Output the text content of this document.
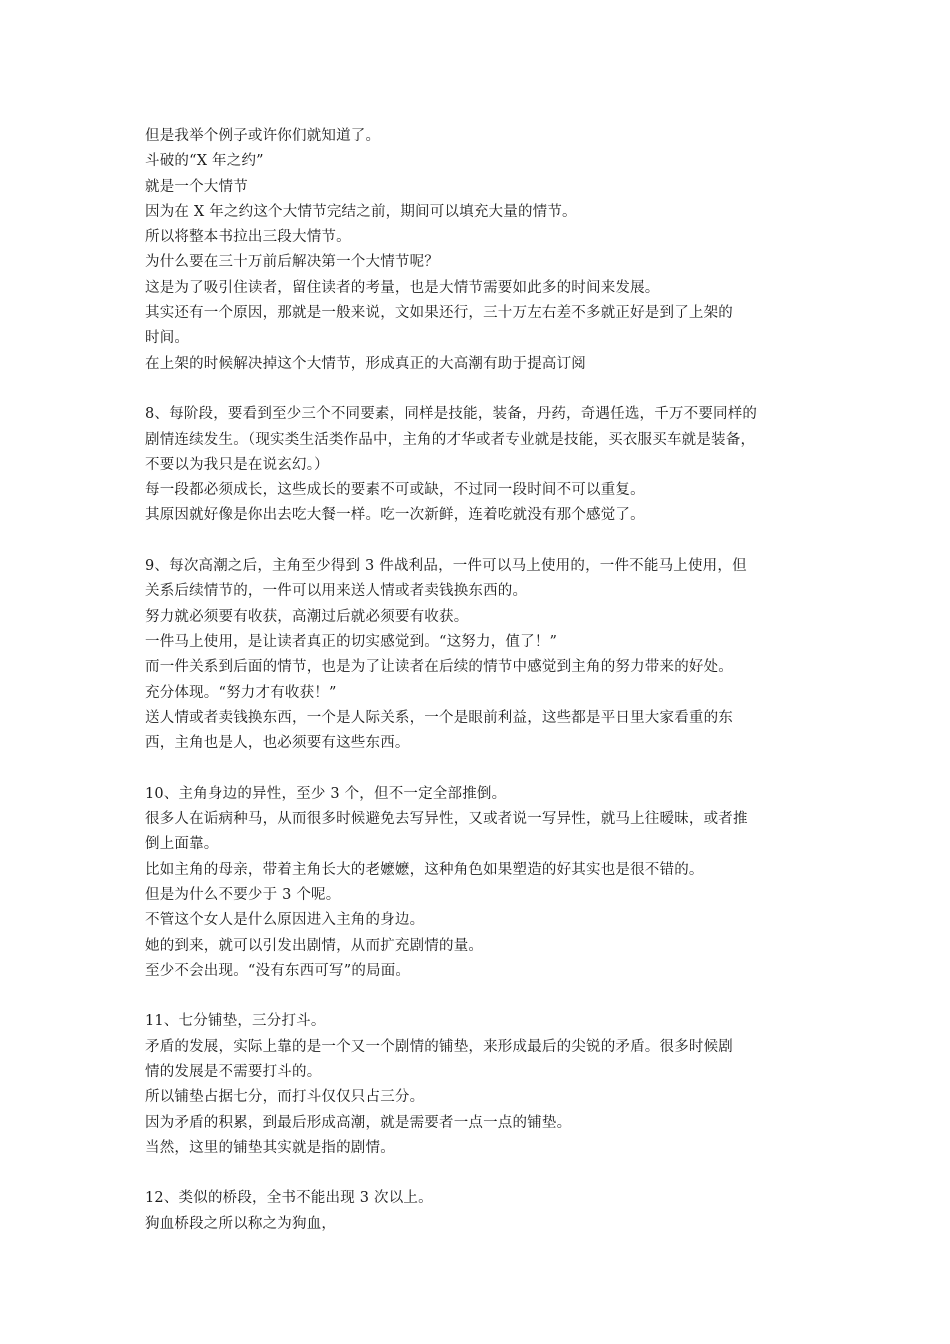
但是我举个例子或许你们就知道了。
斗破的“X 年之约”
就是一个大情节
因为在 X 年之约这个大情节完结之前，期间可以填充大量的情节。
所以将整本书拉出三段大情节。
为什么要在三十万前后解决第一个大情节呢？
这是为了吸引住读者，留住读者的考量，也是大情节需要如此多的时间来发展。
其实还有一个原因，那就是一般来说，文如果还行，三十万左右差不多就正好是到了上架的
时间。
在上架的时候解决掉这个大情节，形成真正的大高潮有助于提高订阅
8、每阶段，要看到至少三个不同要素，同样是技能，装备，丹药，奇遇任选，千万不要同样的
剧情连续发生。（现实类生活类作品中，主角的才华或者专业就是技能，买衣服买车就是装备，
不要以为我只是在说玄幻。）
每一段都必须成长，这些成长的要素不可或缺，不过同一段时间不可以重复。
其原因就好像是你出去吃大餐一样。吃一次新鲜，连着吃就没有那个感觉了。
9、每次高潮之后，主角至少得到 3 件战利品，一件可以马上使用的，一件不能马上使用，但
关系后续情节的，一件可以用来送人情或者卖钱换东西的。
努力就必须要有收获，高潮过后就必须要有收获。
一件马上使用，是让读者真正的切实感觉到。“这努力，值了！”
而一件关系到后面的情节，也是为了让读者在后续的情节中感觉到主角的努力带来的好处。
充分体现。“努力才有收获！”
送人情或者卖钱换东西，一个是人际关系，一个是眼前利益，这些都是平日里大家看重的东
西，主角也是人，也必须要有这些东西。
10、主角身边的异性，至少 3 个，但不一定全部推倒。
很多人在诟病种马，从而很多时候避免去写异性，又或者说一写异性，就马上往暧昧，或者推
倒上面靠。
比如主角的母亲，带着主角长大的老嬷嬷，这种角色如果塑造的好其实也是很不错的。
但是为什么不要少于 3 个呢。
不管这个女人是什么原因进入主角的身边。
她的到来，就可以引发出剧情，从而扩充剧情的量。
至少不会出现。“没有东西可写”的局面。
11、七分铺垫，三分打斗。
矛盾的发展，实际上靠的是一个又一个剧情的铺垫，来形成最后的尖锐的矛盾。很多时候剧
情的发展是不需要打斗的。
所以铺垫占据七分，而打斗仅仅只占三分。
因为矛盾的积累，到最后形成高潮，就是需要者一点一点的铺垫。
当然，这里的铺垫其实就是指的剧情。
12、类似的桥段，全书不能出现 3 次以上。
狗血桥段之所以称之为狗血，
